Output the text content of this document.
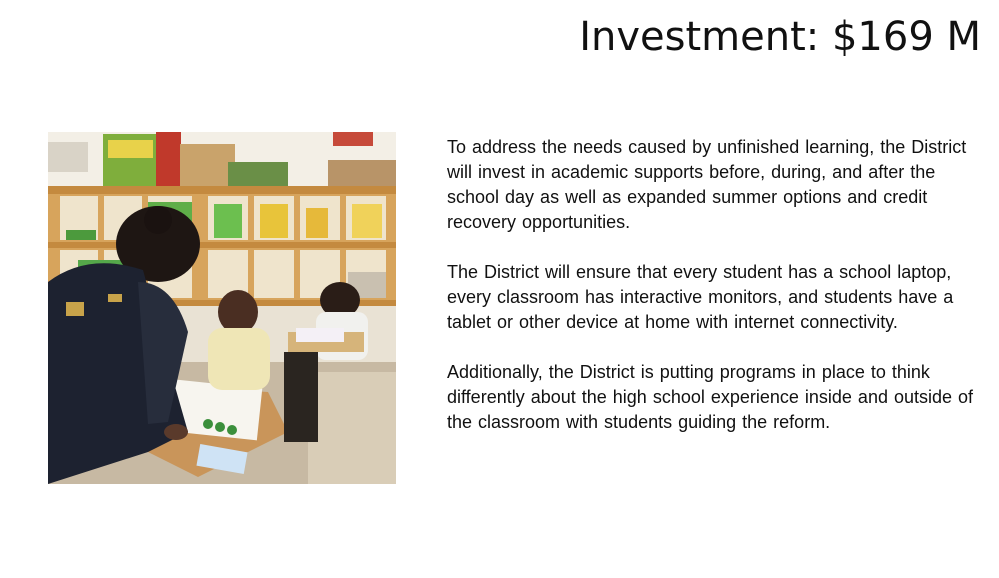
Investment: $169 M

To address the needs caused by unfinished learning, the District will invest in academic supports before, during, and after the school day as well as expanded summer options and credit recovery opportunities.

The District will ensure that every student has a school laptop, every classroom has interactive monitors, and students have a tablet or other device at home with internet connectivity.

Additionally, the District is putting programs in place to think differently about the high school experience inside and outside of the classroom with students guiding the reform.
